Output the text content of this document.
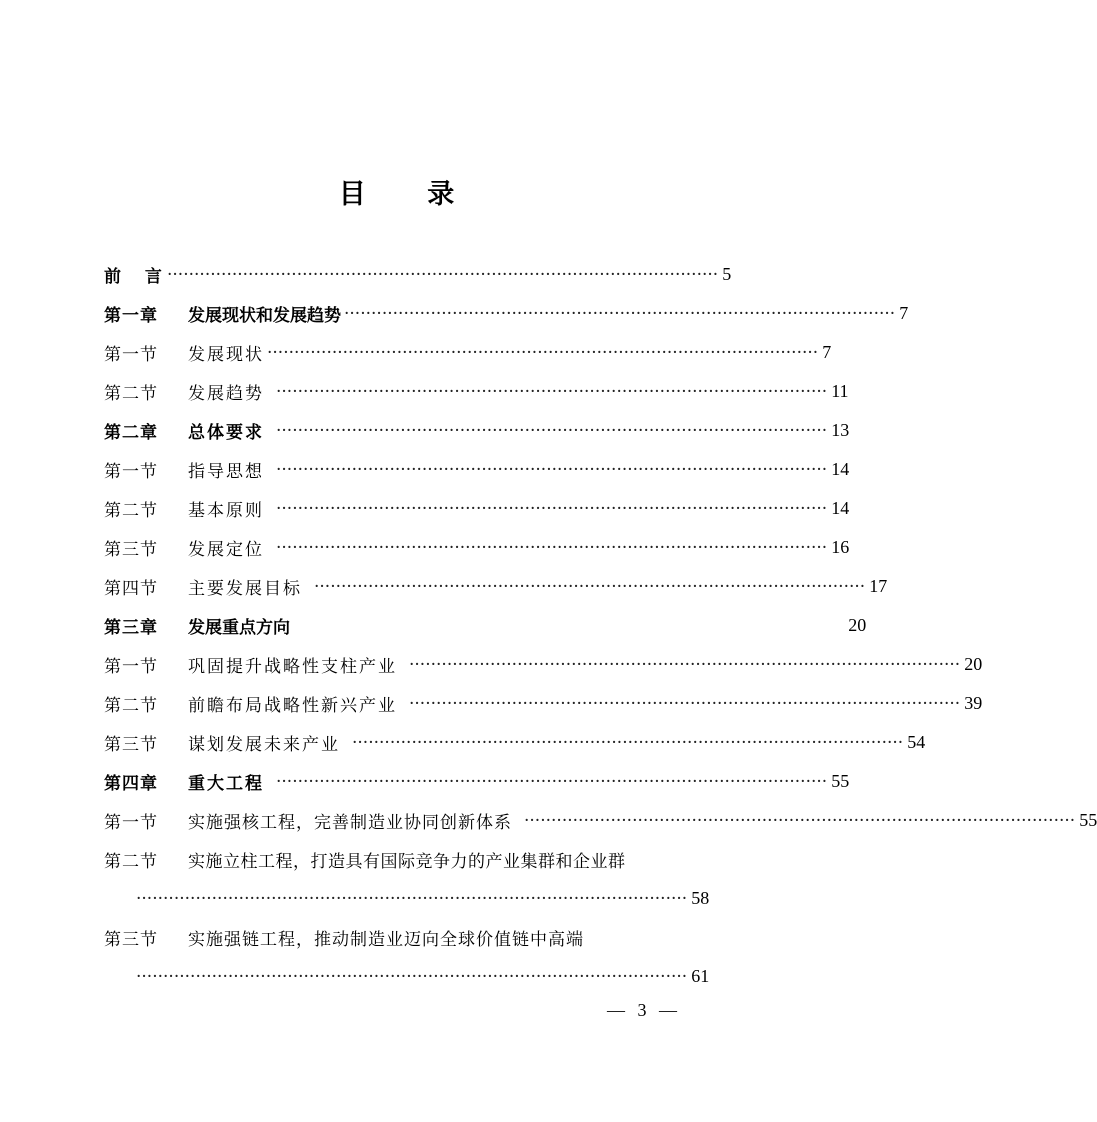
目 录
前  言 ······································································································ 5
第一章	发展现状和发展趋势 ······································································································ 7
第一节	发展现状 ······································································································ 7
第二节	发展趋势 ······································································································ 11
第二章	总体要求 ······································································································ 13
第一节	指导思想 ······································································································ 14
第二节	基本原则 ······································································································ 14
第三节	发展定位 ······································································································ 16
第四节	主要发展目标 ······································································································ 17
第三章	发展重点方向	20
第一节	巩固提升战略性支柱产业 ······································································································ 20
第二节	前瞻布局战略性新兴产业 ······································································································ 39
第三节	谋划发展未来产业 ······································································································ 54
第四章	重大工程 ······································································································ 55
第一节	实施强核工程，完善制造业协同创新体系 ······································································································ 55
第二节	实施立柱工程，打造具有国际竞争力的产业集群和企业群
······································································································ 58
第三节	实施强链工程，推动制造业迈向全球价值链中高端
······································································································ 61
— 3 —
